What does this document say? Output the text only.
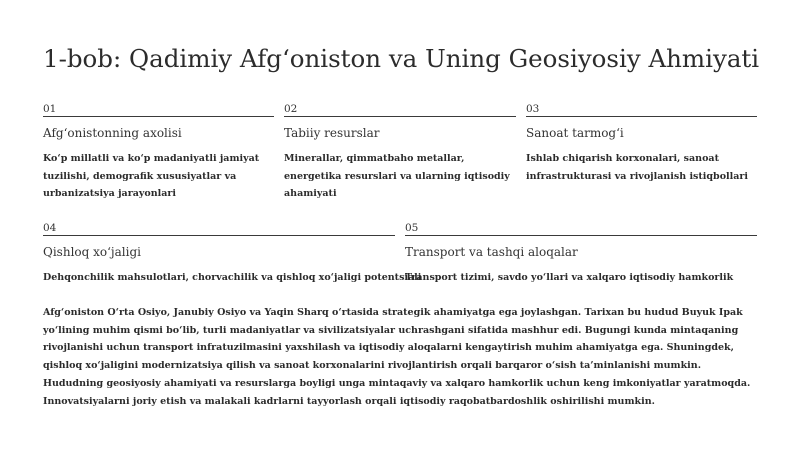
1-bob: Qadimiy Afg‘oniston va Uning Geosiyosiy Ahmiyati
01
Afg‘onistonning axolisi
Ko‘p millatli va ko‘p madaniyatli jamiyat tuzilishi, demografik xususiyatlar va urbanizatsiya jarayonlari
02
Tabiiy resurslar
Minerallar, qimmatbaho metallar, energetika resurslari va ularning iqtisodiy ahamiyati
03
Sanoat tarmog‘i
Ishlab chiqarish korxonalari, sanoat infrastrukturasi va rivojlanish istiqbollari
04
Qishloq xo‘jaligi
Dehqonchilik mahsulotlari, chorvachilik va qishloq xo‘jaligi potentsiali
05
Transport va tashqi aloqalar
Transport tizimi, savdo yo‘llari va xalqaro iqtisodiy hamkorlik
Afg‘oniston O‘rta Osiyo, Janubiy Osiyo va Yaqin Sharq o‘rtasida strategik ahamiyatga ega joylashgan. Tarixan bu hudud Buyuk Ipak yo‘lining muhim qismi bo‘lib, turli madaniyatlar va sivilizatsiyalar uchrashgani sifatida mashhur edi. Bugungi kunda mintaqaning rivojlanishi uchun transport infratuzilmasini yaxshilash va iqtisodiy aloqalarni kengaytirish muhim ahamiyatga ega. Shuningdek, qishloq xo‘jaligini modernizatsiya qilish va sanoat korxonalarini rivojlantirish orqali barqaror o‘sish ta’minlanishi mumkin. Hududning geosiyosiy ahamiyati va resurslarga boyligi unga mintaqaviy va xalqaro hamkorlik uchun keng imkoniyatlar yaratmoqda. Innovatsiyalarni joriy etish va malakali kadrlarni tayyorlash orqali iqtisodiy raqobatbardoshlik oshirilishi mumkin.
